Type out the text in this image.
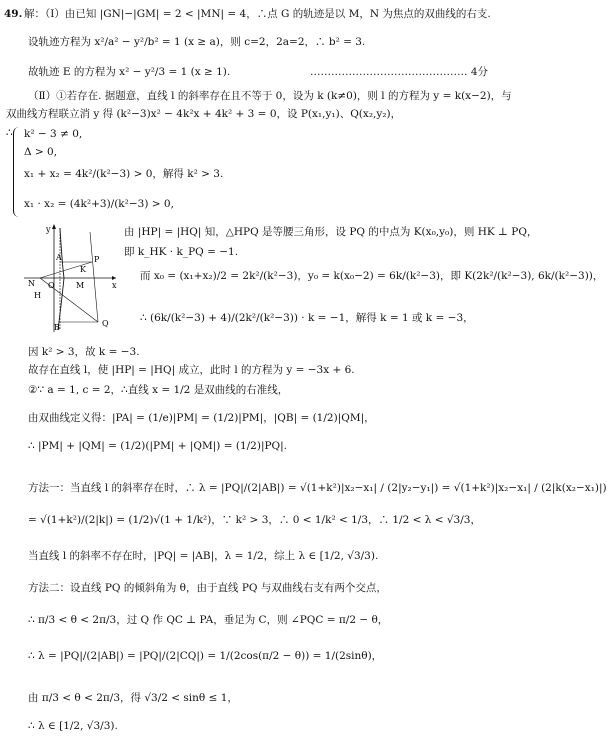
49. 解：（Ⅰ）由已知 |GN|−|GM| = 2 < |MN| = 4，∴点 G 的轨迹是以 M，N 为焦点的双曲线的右支.
设轨迹方程为 x²/a² − y²/b² = 1 (x ≥ a)，则 c=2，2a=2，∴ b² = 3.
故轨迹 E 的方程为 x² − y²/3 = 1 (x ≥ 1).	……………………………………… 4分
（Ⅱ）①若存在. 据题意，直线 l 的斜率存在且不等于 0，设为 k (k≠0)，则 l 的方程为 y = k(x−2)，与
双曲线方程联立消 y 得 (k²−3)x² − 4k²x + 4k² + 3 = 0，设 P(x₁,y₁)、Q(x₂,y₂)，
∴ k² − 3 ≠ 0,
Δ > 0,
x₁ + x₂ = 4k²/(k²−3) > 0，解得 k² > 3.
x₁ · x₂ = (4k²+3)/(k²−3) > 0,
y
x
N O	M
H
A	P
K
B	Q
由 |HP| = |HQ| 知，△HPQ 是等腰三角形，设 PQ 的中点为 K(x₀,y₀)，则 HK ⊥ PQ，
即 k_HK · k_PQ = −1.
而 x₀ = (x₁+x₂)/2 = 2k²/(k²−3)，y₀ = k(x₀−2) = 6k/(k²−3)，即 K(2k²/(k²−3), 6k/(k²−3))，
∴ (6k/(k²−3) + 4)/(2k²/(k²−3)) · k = −1，解得 k = 1 或 k = −3，
因 k² > 3，故 k = −3.
故存在直线 l，使 |HP| = |HQ| 成立，此时 l 的方程为 y = −3x + 6.
②∵ a = 1, c = 2，∴直线 x = 1/2 是双曲线的右准线，
由双曲线定义得：|PA| = (1/e)|PM| = (1/2)|PM|，|QB| = (1/2)|QM|，
∴ |PM| + |QM| = (1/2)(|PM| + |QM|) = (1/2)|PQ|.
方法一：当直线 l 的斜率存在时，∴ λ = |PQ|/(2|AB|) = √(1+k²)|x₂−x₁| / (2|y₂−y₁|) = √(1+k²)|x₂−x₁| / (2|k(x₂−x₁)|)
= √(1+k²)/(2|k|) = (1/2)√(1 + 1/k²)，∵ k² > 3，∴ 0 < 1/k² < 1/3，∴ 1/2 < λ < √3/3，
当直线 l 的斜率不存在时，|PQ| = |AB|，λ = 1/2，综上 λ ∈ [1/2, √3/3).
方法二：设直线 PQ 的倾斜角为 θ，由于直线 PQ 与双曲线右支有两个交点，
∴ π/3 < θ < 2π/3，过 Q 作 QC ⊥ PA，垂足为 C，则 ∠PQC = π/2 − θ，
∴ λ = |PQ|/(2|AB|) = |PQ|/(2|CQ|) = 1/(2cos(π/2 − θ)) = 1/(2sinθ)，
由 π/3 < θ < 2π/3，得 √3/2 < sinθ ≤ 1，
∴ λ ∈ [1/2, √3/3).
